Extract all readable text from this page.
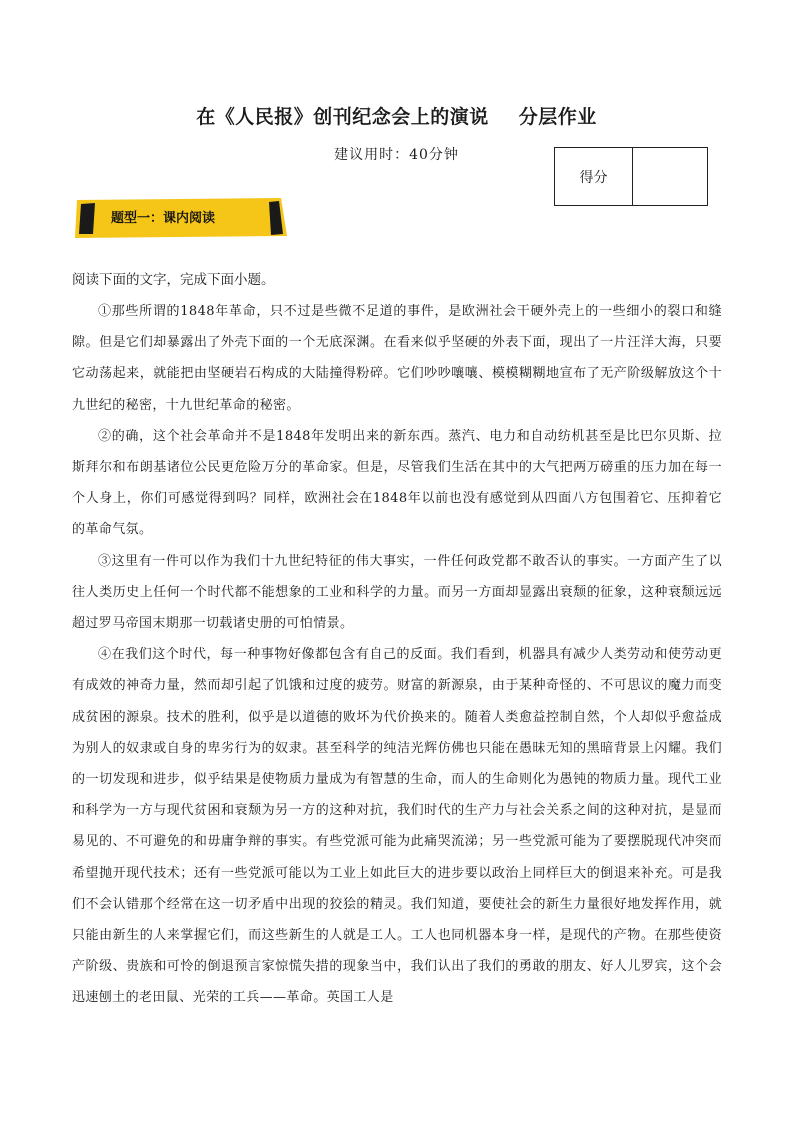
在《人民报》创刊纪念会上的演说 分层作业
建议用时：40分钟
得分
题型一：课内阅读
阅读下面的文字，完成下面小题。

①那些所谓的1848年革命，只不过是些微不足道的事件，是欧洲社会干硬外壳上的一些细小的裂口和缝隙。但是它们却暴露出了外壳下面的一个无底深渊。在看来似乎坚硬的外表下面，现出了一片汪洋大海，只要它动荡起来，就能把由坚硬岩石构成的大陆撞得粉碎。它们吵吵嚷嚷、模模糊糊地宣布了无产阶级解放这个十九世纪的秘密，十九世纪革命的秘密。

②的确，这个社会革命并不是1848年发明出来的新东西。蒸汽、电力和自动纺机甚至是比巴尔贝斯、拉斯拜尔和布朗基诸位公民更危险万分的革命家。但是，尽管我们生活在其中的大气把两万磅重的压力加在每一个人身上，你们可感觉得到吗？同样，欧洲社会在1848年以前也没有感觉到从四面八方包围着它、压抑着它的革命气氛。

③这里有一件可以作为我们十九世纪特征的伟大事实，一件任何政党都不敢否认的事实。一方面产生了以往人类历史上任何一个时代都不能想象的工业和科学的力量。而另一方面却显露出衰颓的征象，这种衰颓远远超过罗马帝国末期那一切载诸史册的可怕情景。

④在我们这个时代，每一种事物好像都包含有自己的反面。我们看到，机器具有减少人类劳动和使劳动更有成效的神奇力量，然而却引起了饥饿和过度的疲劳。财富的新源泉，由于某种奇怪的、不可思议的魔力而变成贫困的源泉。技术的胜利，似乎是以道德的败坏为代价换来的。随着人类愈益控制自然，个人却似乎愈益成为别人的奴隶或自身的卑劣行为的奴隶。甚至科学的纯洁光辉仿佛也只能在愚昧无知的黑暗背景上闪耀。我们的一切发现和进步，似乎结果是使物质力量成为有智慧的生命，而人的生命则化为愚钝的物质力量。现代工业和科学为一方与现代贫困和衰颓为另一方的这种对抗，我们时代的生产力与社会关系之间的这种对抗，是显而易见的、不可避免的和毋庸争辩的事实。有些党派可能为此痛哭流涕；另一些党派可能为了要摆脱现代冲突而希望抛开现代技术；还有一些党派可能以为工业上如此巨大的进步要以政治上同样巨大的倒退来补充。可是我们不会认错那个经常在这一切矛盾中出现的狡狯的精灵。我们知道，要使社会的新生力量很好地发挥作用，就只能由新生的人来掌握它们，而这些新生的人就是工人。工人也同机器本身一样，是现代的产物。在那些使资产阶级、贵族和可怜的倒退预言家惊慌失措的现象当中，我们认出了我们的勇敢的朋友、好人儿罗宾，这个会迅速刨土的老田鼠、光荣的工兵——革命。英国工人是
